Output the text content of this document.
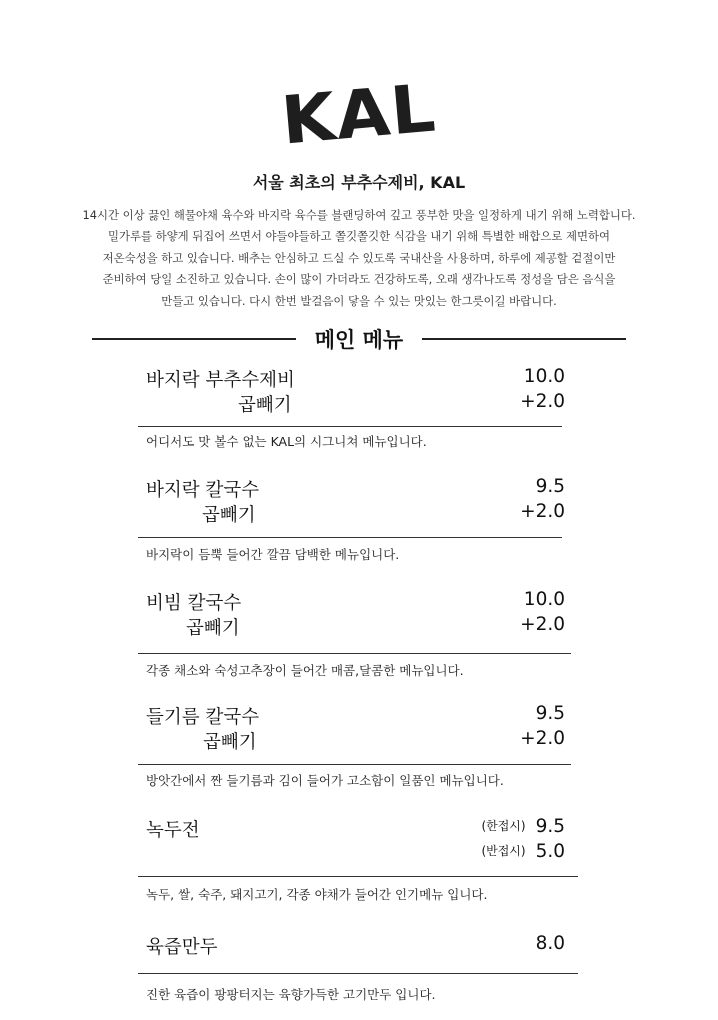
KAL
서울 최초의 부추수제비, KAL
14시간 이상 끓인 해물야채 육수와 바지락 육수를 블랜딩하여 깊고 풍부한 맛을 일정하게 내기 위해 노력합니다.
밀가루를 하얗게 뒤집어 쓰면서 야들야들하고 쫄깃쫄깃한 식감을 내기 위해 특별한 배합으로 제면하여
저온숙성을 하고 있습니다. 배추는 안심하고 드실 수 있도록 국내산을 사용하며, 하루에 제공할 겉절이만
준비하여 당일 소진하고 있습니다. 손이 많이 가더라도 건강하도록, 오래 생각나도록 정성을 담은 음식을
만들고 있습니다. 다시 한번 발걸음이 닿을 수 있는 맛있는 한그릇이길 바랍니다.
메인 메뉴
바지락 부추수제비	10.0
곱빼기	+2.0
어디서도 맛 볼수 없는 KAL의 시그니쳐 메뉴입니다.
바지락 칼국수	9.5
곱빼기	+2.0
바지락이 듬뿍 들어간 깔끔 담백한 메뉴입니다.
비빔 칼국수	10.0
곱빼기	+2.0
각종 채소와 숙성고추장이 들어간 매콤,달콤한 메뉴입니다.
들기름 칼국수	9.5
곱빼기	+2.0
방앗간에서 짠 들기름과 김이 들어가 고소함이 일품인 메뉴입니다.
녹두전	(한접시) 9.5
(반접시) 5.0
녹두, 쌀, 숙주, 돼지고기, 각종 야채가 들어간 인기메뉴 입니다.
육즙만두	8.0
진한 육즙이 팡팡터지는 육향가득한 고기만두 입니다.
